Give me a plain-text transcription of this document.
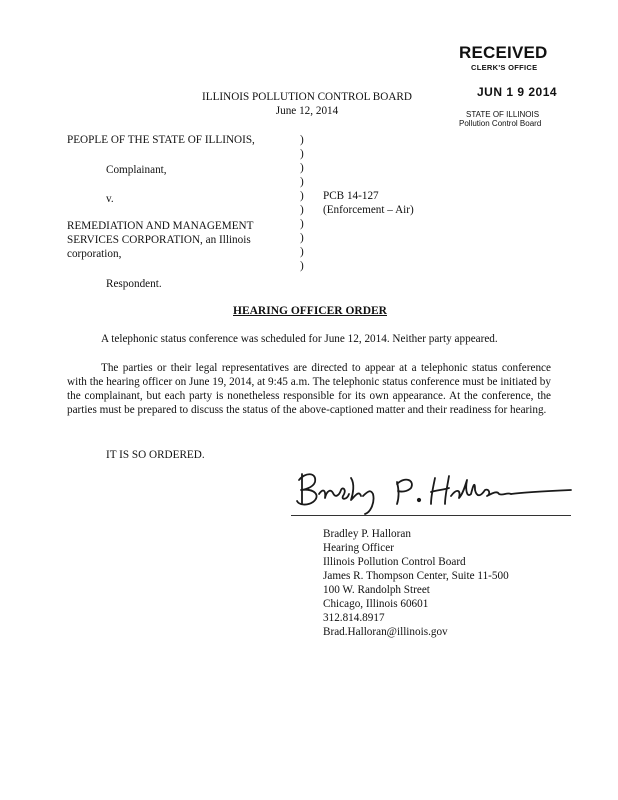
RECEIVED
CLERK'S OFFICE
JUN 1 9 2014
STATE OF ILLINOIS
Pollution Control Board
ILLINOIS POLLUTION CONTROL BOARD
June 12, 2014
PEOPLE OF THE STATE OF ILLINOIS,
Complainant,
v.
REMEDIATION AND MANAGEMENT
SERVICES CORPORATION, an Illinois
corporation,
Respondent.
)
)
)
)
)
)
)
)
)
)
PCB 14-127
(Enforcement – Air)
HEARING OFFICER ORDER
A telephonic status conference was scheduled for June 12, 2014. Neither party appeared.
The parties or their legal representatives are directed to appear at a telephonic status conference with the hearing officer on June 19, 2014, at 9:45 a.m. The telephonic status conference must be initiated by the complainant, but each party is nonetheless responsible for its own appearance. At the conference, the parties must be prepared to discuss the status of the above-captioned matter and their readiness for hearing.
IT IS SO ORDERED.
Bradley P. Halloran
Hearing Officer
Illinois Pollution Control Board
James R. Thompson Center, Suite 11-500
100 W. Randolph Street
Chicago, Illinois 60601
312.814.8917
Brad.Halloran@illinois.gov
